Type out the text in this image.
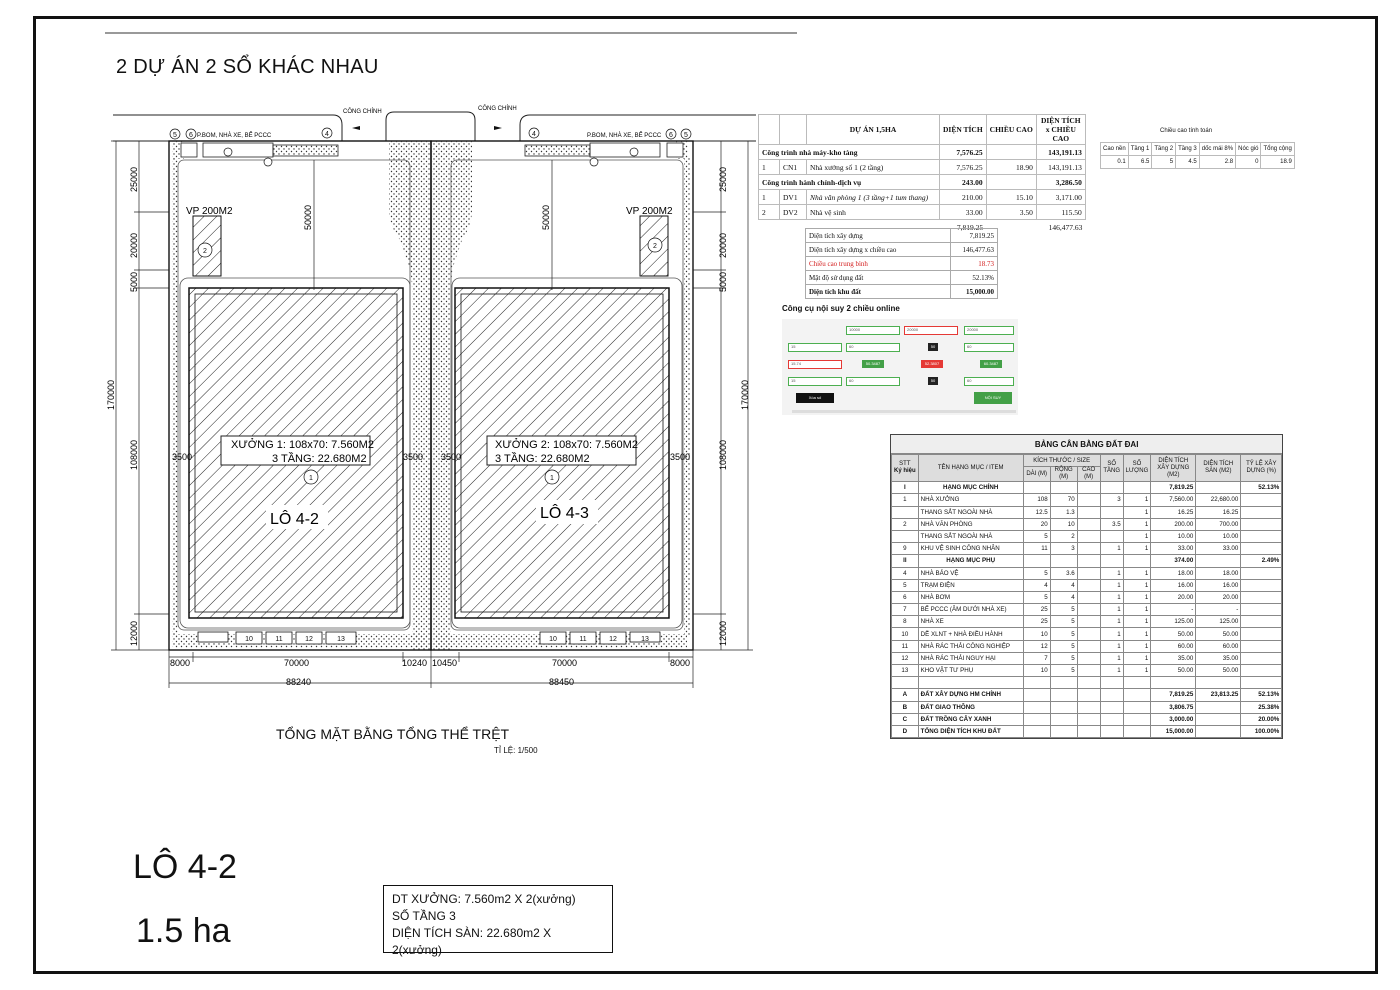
2 DỰ ÁN 2 SỔ KHÁC NHAU
CÔNG CHÍNH	CÔNG CHÍNH
P.BOM, NHÀ XE, BỂ PCCC	P.BOM, NHÀ XE, BỂ PCCC
VP 200M2	VP 200M2
50000	50000
XƯỞNG 1: 108x70: 7.560M2
3 TẦNG: 22.680M2
XƯỞNG 2: 108x70: 7.560M2
3 TẦNG: 22.680M2
LÔ 4-2	LÔ 4-3
2
2
1	1
5 6	4	4	6 5
10	11	12	13	10	11	12	13
25000
20000
5000
108000
12000
170000
25000
20000
5000
108000
12000
170000
3500	3500 3500	3500
8000	70000	10240 10450	70000	8000
88240	88450
TỔNG MẶT BẰNG TỔNG THỂ TRỆT
TỈ LỆ: 1/500
		DỰ ÁN 1,5HA	DIỆN TÍCH	CHIỀU CAO	DIỆN TÍCH x CHIỀU CAO
Công trình nhà máy-kho tàng			7,576.25		143,191.13
1	CN1	Nhà xưởng số 1 (2 tầng)	7,576.25	18.90	143,191.13
Công trình hành chính-dịch vụ			243.00		3,286.50
1	DV1	Nhà văn phòng 1 (3 tầng+1 tum thang)	210.00	15.10	3,171.00
2	DV2	Nhà vệ sinh	33.00	3.50	115.50
			7,819.25		146,477.63
Chiều cao tính toán

Cao nền	Tầng 1	Tầng 2	Tầng 3	dốc mái 8%	Nóc gió	Tổng cộng
0.1	6.5	5	4.5	2.8	0	18.9
Diện tích xây dựng	7,819.25
Diện tích xây dựng x chiều cao	146,477.63
Chiều cao trung bình	18.73
Mật độ sử dụng đất	52.13%
Diện tích khu đất	15,000.00
Công cụ nội suy 2 chiều online
10000	20000	20000
15	60	50	60
15.74	50.3487	52.3807	60.3487
15	60	50	60
Xóa số	NỘI SUY
BẢNG CÂN BẰNG ĐẤT ĐAI
STT
Ký hiệu	TÊN HẠNG MỤC / ITEM	KÍCH THƯỚC / SIZE			SỐ TẦNG	SỐ LƯỢNG	DIỆN TÍCH XÂY DỰNG (M2)	DIỆN TÍCH SÀN (M2)	TỶ LỆ XÂY DỰNG (%)
		DÀI (M)	RỘNG (M)	CAO (M)					
I	HẠNG MỤC CHÍNH						7,819.25		52.13%
1	NHÀ XƯỞNG	108	70		3	1	7,560.00	22,680.00	
	THANG SẮT NGOÀI NHÀ	12.5	1.3			1	16.25	16.25	
2	NHÀ VĂN PHÒNG	20	10		3.5	1	200.00	700.00	
	THANG SẮT NGOÀI NHÀ	5	2			1	10.00	10.00	
9	KHU VỆ SINH CÔNG NHÂN	11	3		1	1	33.00	33.00	
II	HẠNG MỤC PHỤ						374.00		2.49%
4	NHÀ BẢO VỆ	5	3.6		1	1	18.00	18.00	
5	TRẠM ĐIỆN	4	4		1	1	16.00	16.00	
6	NHÀ BƠM	5	4		1	1	20.00	20.00	
7	BỂ PCCC (ÂM DƯỚI NHÀ XE)	25	5		1	1	-	-	
8	NHÀ XE	25	5		1	1	125.00	125.00	
10	DỄ XLNT + NHÀ ĐIỀU HÀNH	10	5		1	1	50.00	50.00	
11	NHÀ RÁC THẢI CÔNG NGHIỆP	12	5		1	1	60.00	60.00	
12	NHÀ RÁC THẢI NGUY HẠI	7	5		1	1	35.00	35.00	
13	KHO VẬT TƯ PHỤ	10	5		1	1	50.00	50.00	

A	ĐẤT XÂY DỰNG HM CHÍNH						7,819.25	23,813.25	52.13%
B	ĐẤT GIAO THÔNG						3,806.75		25.38%
C	ĐẤT TRỒNG CÂY XANH						3,000.00		20.00%
D	TỔNG DIỆN TÍCH KHU ĐẤT						15,000.00		100.00%
LÔ 4-2
1.5 ha
DT XƯỞNG: 7.560m2 X 2(xưởng)
SỐ TẦNG 3
DIỆN TÍCH SÀN: 22.680m2 X 2(xưởng)
